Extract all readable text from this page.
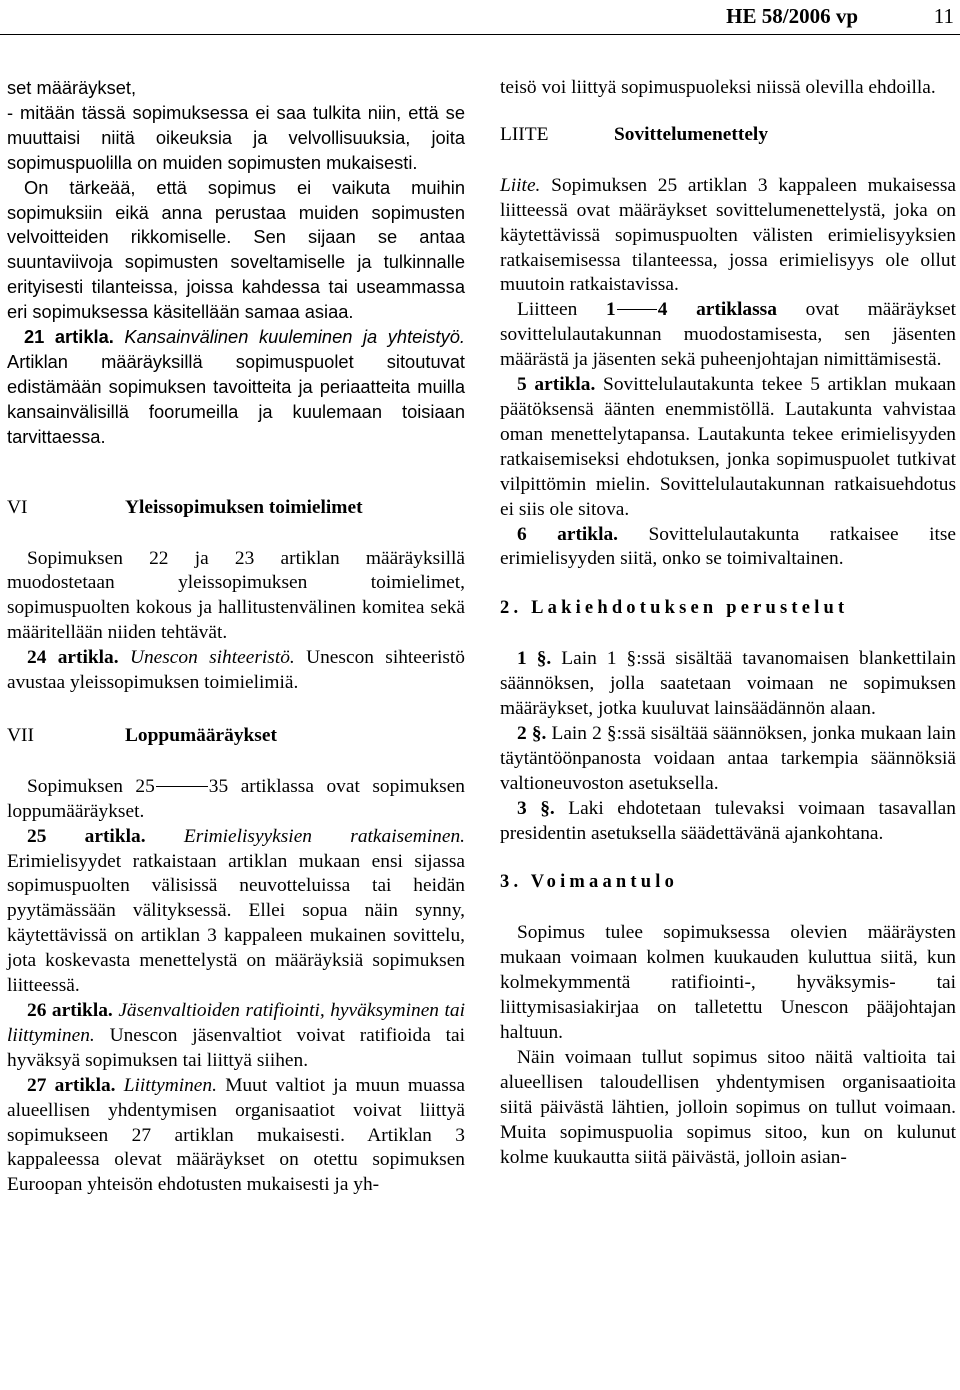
HE 58/2006 vp	11

set määräykset,

- mitään tässä sopimuksessa ei saa tulkita niin, että se muuttaisi niitä oikeuksia ja velvollisuuksia, joita sopimuspuolilla on muiden sopimusten mukaisesti.

On tärkeää, että sopimus ei vaikuta muihin sopimuksiin eikä anna perustaa muiden sopimusten velvoitteiden rikkomiselle. Sen sijaan se antaa suuntaviivoja sopimusten soveltamiselle ja tulkinnalle erityisesti tilanteissa, joissa kahdessa tai useammassa eri sopimuksessa käsitellään samaa asiaa.

21 artikla. Kansainvälinen kuuleminen ja yhteistyö. Artiklan määräyksillä sopimuspuolet sitoutuvat edistämään sopimuksen tavoitteita ja periaatteita muilla kansainvälisillä foorumeilla ja kuulemaan toisiaan tarvittaessa.

VI	Yleissopimuksen toimielimet

Sopimuksen 22 ja 23 artiklan määräyksillä muodostetaan yleissopimuksen toimielimet, sopimuspuolten kokous ja hallitustenvälinen komitea sekä määritellään niiden tehtävät.

24 artikla. Unescon sihteeristö. Unescon sihteeristö avustaa yleissopimuksen toimielimiä.

VII	Loppumääräykset

Sopimuksen 25	35 artiklassa ovat sopimuksen loppumääräykset.

25 artikla. Erimielisyyksien ratkaiseminen. Erimielisyydet ratkaistaan artiklan mukaan ensi sijassa sopimuspuolten välisissä neuvotteluissa tai heidän pyytämässään välityksessä. Ellei sopua näin synny, käytettävissä on artiklan 3 kappaleen mukainen sovittelu, jota koskevasta menettelystä on määräyksiä sopimuksen liitteessä.

26 artikla. Jäsenvaltioiden ratifiointi, hyväksyminen tai liittyminen. Unescon jäsenvaltiot voivat ratifioida tai hyväksyä sopimuksen tai liittyä siihen.

27 artikla. Liittyminen. Muut valtiot ja muun muassa alueellisen yhdentymisen organisaatiot voivat liittyä sopimukseen 27 artiklan mukaisesti. Artiklan 3 kappaleessa olevat määräykset on otettu sopimuksen Euroopan yhteisön ehdotusten mukaisesti ja yh-

teisö voi liittyä sopimuspuoleksi niissä olevilla ehdoilla.

LIITE	Sovittelumenettely

Liite. Sopimuksen 25 artiklan 3 kappaleen mukaisessa liitteessä ovat määräykset sovittelumenettelystä, joka on käytettävissä sopimuspuolten välisten erimielisyyksien ratkaisemisessa tilanteessa, jossa erimielisyys ole ollut muutoin ratkaistavissa.

Liitteen 1 4 artiklassa ovat määräykset sovittelulautakunnan muodostamisesta, sen jäsenten määrästä ja jäsenten sekä puheenjohtajan nimittämisestä.

5 artikla. Sovittelulautakunta tekee 5 artiklan mukaan päätöksensä äänten enemmistöllä. Lautakunta vahvistaa oman menettelytapansa. Lautakunta tekee erimielisyyden ratkaisemiseksi ehdotuksen, jonka sopimuspuolet tutkivat vilpittömin mielin. Sovittelulautakunnan ratkaisuehdotus ei siis ole sitova.

6 artikla. Sovittelulautakunta ratkaisee itse erimielisyyden siitä, onko se toimivaltainen.

2. Lakiehdotuksen perustelut

1 §. Lain 1 §:ssä sisältää tavanomaisen blankettilain säännöksen, jolla saatetaan voimaan ne sopimuksen määräykset, jotka kuuluvat lainsäädännön alaan.

2 §. Lain 2 §:ssä sisältää säännöksen, jonka mukaan lain täytäntöönpanosta voidaan antaa tarkempia säännöksiä valtioneuvoston asetuksella.

3 §. Laki ehdotetaan tulevaksi voimaan tasavallan presidentin asetuksella säädettävänä ajankohtana.

3. Voimaantulo

Sopimus tulee sopimuksessa olevien määräysten mukaan voimaan kolmen kuukauden kuluttua siitä, kun kolmekymmentä ratifiointi-, hyväksymis- tai liittymisasiakirjaa on talletettu Unescon pääjohtajan haltuun.

Näin voimaan tullut sopimus sitoo näitä valtioita tai alueellisen taloudellisen yhdentymisen organisaatioita siitä päivästä lähtien, jolloin sopimus on tullut voimaan. Muita sopimuspuolia sopimus sitoo, kun on kulunut kolme kuukautta siitä päivästä, jolloin asian-
